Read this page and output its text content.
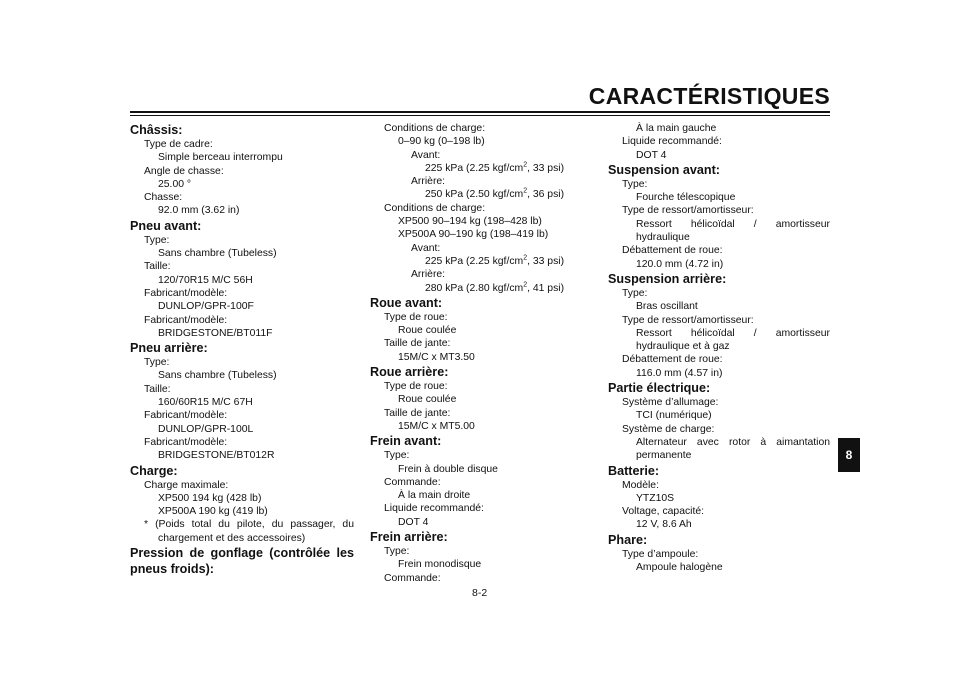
CARACTÉRISTIQUES
8
Châssis:
Type de cadre:
Simple berceau interrompu
Angle de chasse:
25.00 °
Chasse:
92.0 mm (3.62 in)
Pneu avant:
Type:
Sans chambre (Tubeless)
Taille:
120/70R15 M/C 56H
Fabricant/modèle:
DUNLOP/GPR-100F
Fabricant/modèle:
BRIDGESTONE/BT011F
Pneu arrière:
Type:
Sans chambre (Tubeless)
Taille:
160/60R15 M/C 67H
Fabricant/modèle:
DUNLOP/GPR-100L
Fabricant/modèle:
BRIDGESTONE/BT012R
Charge:
Charge maximale:
XP500 194 kg (428 lb)
XP500A 190 kg (419 lb)
* (Poids total du pilote, du passager, du chargement et des accessoires)
Pression de gonflage (contrôlée les pneus froids):
Conditions de charge:
0–90 kg (0–198 lb)
Avant:
225 kPa (2.25 kgf/$cm^2$, 33 psi)
Arrière:
250 kPa (2.50 kgf/$cm^2$, 36 psi)
Conditions de charge:
XP500 90–194 kg (198–428 lb)
XP500A 90–190 kg (198–419 lb)
Avant:
225 kPa (2.25 kgf/$cm^2$, 33 psi)
Arrière:
280 kPa (2.80 kgf/$cm^2$, 41 psi)
Roue avant:
Type de roue:
Roue coulée
Taille de jante:
15M/C x MT3.50
Roue arrière:
Type de roue:
Roue coulée
Taille de jante:
15M/C x MT5.00
Frein avant:
Type:
Frein à double disque
Commande:
À la main droite
Liquide recommandé:
DOT 4
Frein arrière:
Type:
Frein monodisque
Commande:
À la main gauche
Liquide recommandé:
DOT 4
Suspension avant:
Type:
Fourche télescopique
Type de ressort/amortisseur:
Ressort hélicoïdal / amortisseur hydraulique
Débattement de roue:
120.0 mm (4.72 in)
Suspension arrière:
Type:
Bras oscillant
Type de ressort/amortisseur:
Ressort hélicoïdal / amortisseur hydraulique et à gaz
Débattement de roue:
116.0 mm (4.57 in)
Partie électrique:
Système d’allumage:
TCI (numérique)
Système de charge:
Alternateur avec rotor à aimantation permanente
Batterie:
Modèle:
YTZ10S
Voltage, capacité:
12 V, 8.6 Ah
Phare:
Type d’ampoule:
Ampoule halogène
8-2
